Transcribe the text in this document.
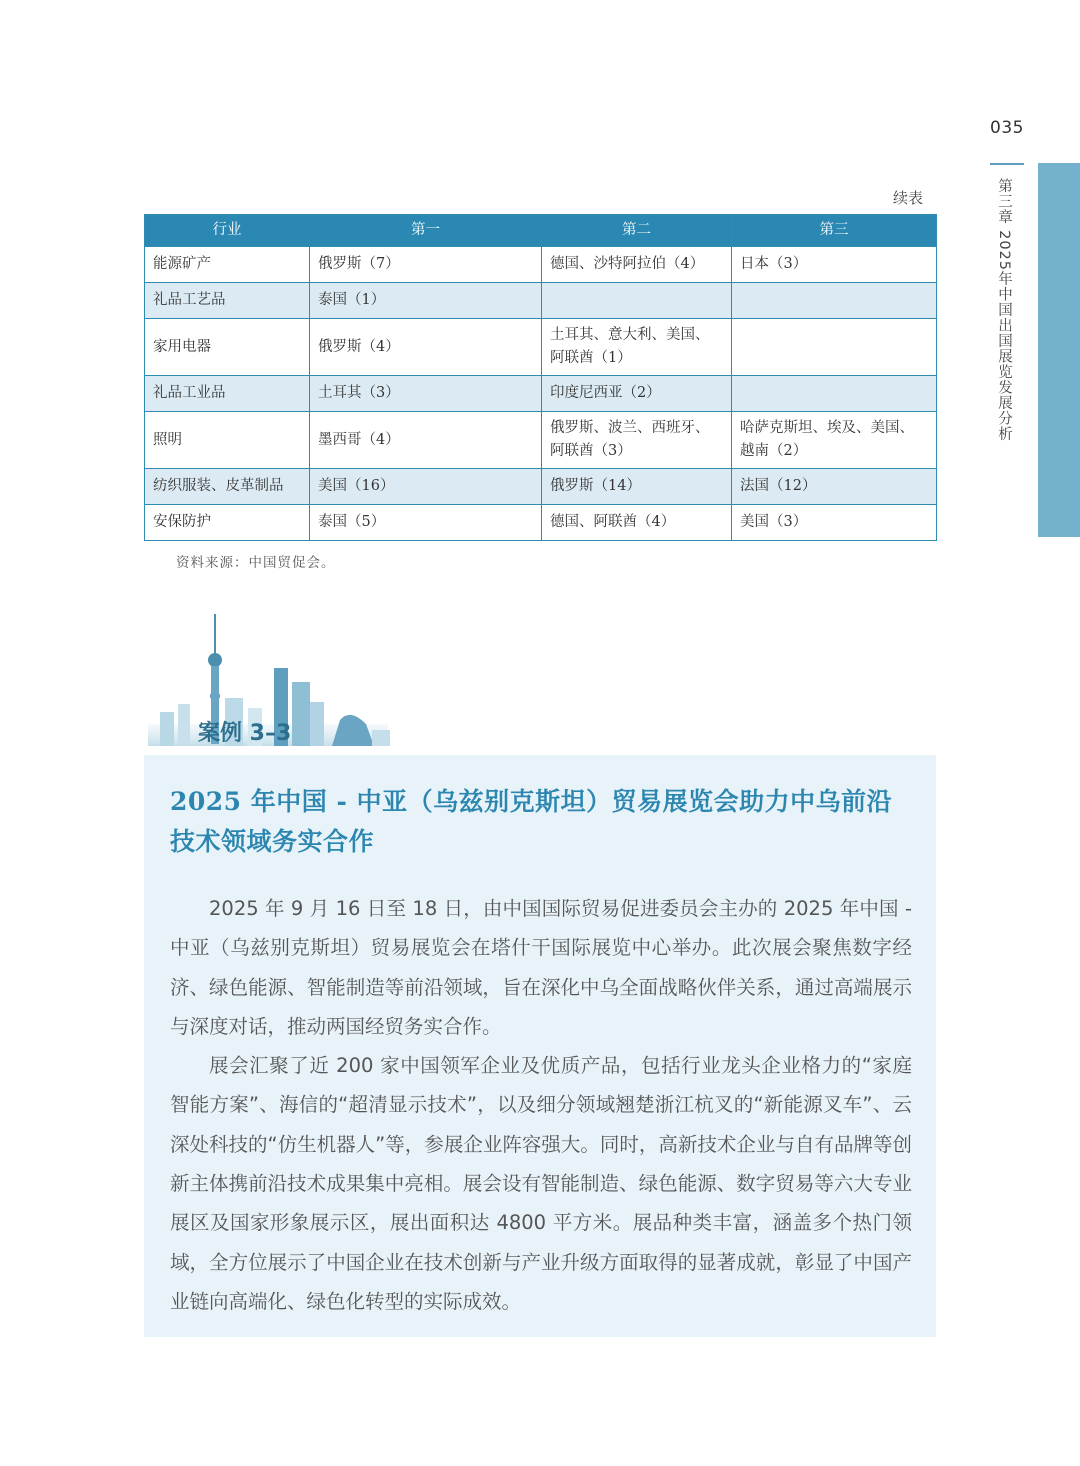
035
第三章 2025年中国出国展览发展分析
续表
行业	第一	第二	第三
能源矿产	俄罗斯（7）	德国、沙特阿拉伯（4）	日本（3）
礼品工艺品	泰国（1）		
家用电器	俄罗斯（4）	土耳其、意大利、美国、阿联酋（1）	
礼品工业品	土耳其（3）	印度尼西亚（2）	
照明	墨西哥（4）	俄罗斯、波兰、西班牙、阿联酋（3）	哈萨克斯坦、埃及、美国、越南（2）
纺织服装、皮革制品	美国（16）	俄罗斯（14）	法国（12）
安保防护	泰国（5）	德国、阿联酋（4）	美国（3）
资料来源：中国贸促会。
案例 3–3
2025 年中国 - 中亚（乌兹别克斯坦）贸易展览会助力中乌前沿技术领域务实合作

2025 年 9 月 16 日至 18 日，由中国国际贸易促进委员会主办的 2025 年中国 - 中亚（乌兹别克斯坦）贸易展览会在塔什干国际展览中心举办。此次展会聚焦数字经济、绿色能源、智能制造等前沿领域，旨在深化中乌全面战略伙伴关系，通过高端展示与深度对话，推动两国经贸务实合作。

展会汇聚了近 200 家中国领军企业及优质产品，包括行业龙头企业格力的“家庭智能方案”、海信的“超清显示技术”，以及细分领域翘楚浙江杭叉的“新能源叉车”、云深处科技的“仿生机器人”等，参展企业阵容强大。同时，高新技术企业与自有品牌等创新主体携前沿技术成果集中亮相。展会设有智能制造、绿色能源、数字贸易等六大专业展区及国家形象展示区，展出面积达 4800 平方米。展品种类丰富，涵盖多个热门领域，全方位展示了中国企业在技术创新与产业升级方面取得的显著成就，彰显了中国产业链向高端化、绿色化转型的实际成效。
